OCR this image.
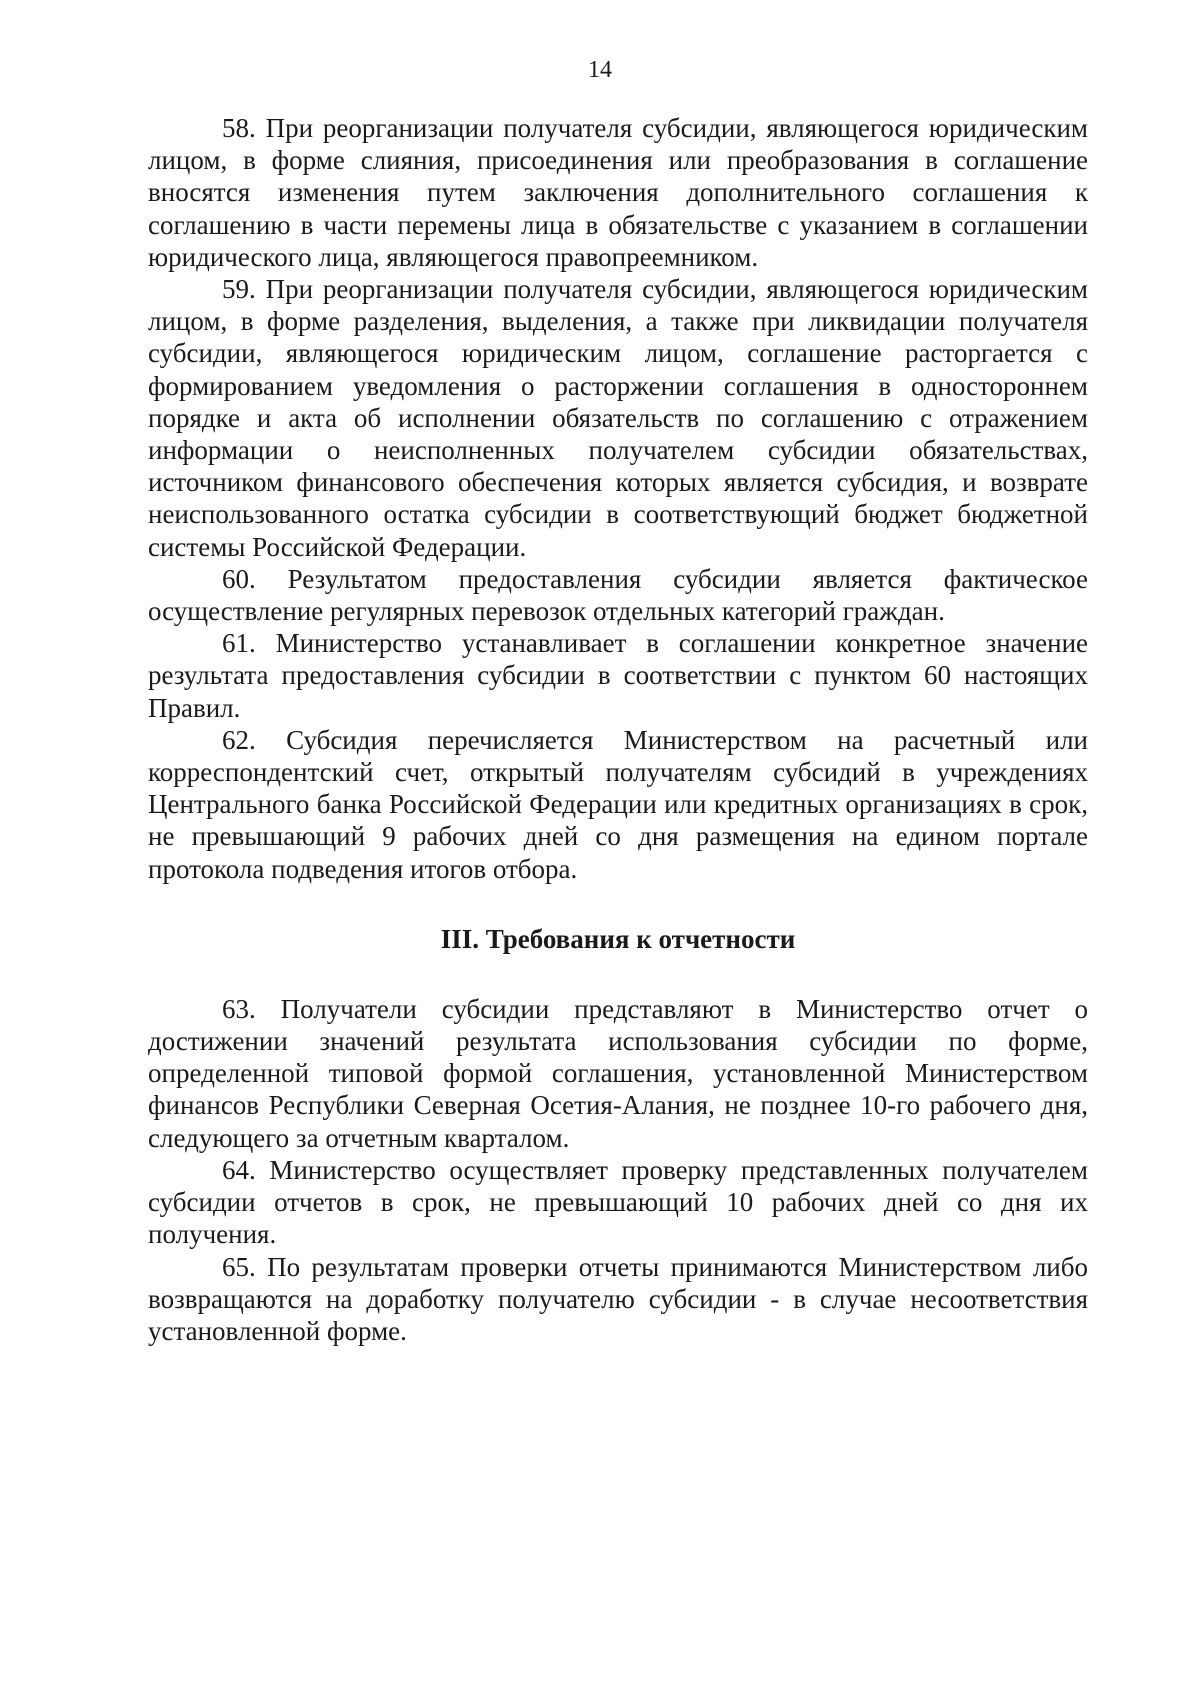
14

58. При реорганизации получателя субсидии, являющегося юридическим лицом, в форме слияния, присоединения или преобразования в соглашение вносятся изменения путем заключения дополнительного соглашения к соглашению в части перемены лица в обязательстве с указанием в соглашении юридического лица, являющегося правопреемником.

59. При реорганизации получателя субсидии, являющегося юридическим лицом, в форме разделения, выделения, а также при ликвидации получателя субсидии, являющегося юридическим лицом, соглашение расторгается с формированием уведомления о расторжении соглашения в одностороннем порядке и акта об исполнении обязательств по соглашению с отражением информации о неисполненных получателем субсидии обязательствах, источником финансового обеспечения которых является субсидия, и возврате неиспользованного остатка субсидии в соответствующий бюджет бюджетной системы Российской Федерации.

60. Результатом предоставления субсидии является фактическое осуществление регулярных перевозок отдельных категорий граждан.

61. Министерство устанавливает в соглашении конкретное значение результата предоставления субсидии в соответствии с пунктом 60 настоящих Правил.

62. Субсидия перечисляется Министерством на расчетный или корреспондентский счет, открытый получателям субсидий в учреждениях Центрального банка Российской Федерации или кредитных организациях в срок, не превышающий 9 рабочих дней со дня размещения на едином портале протокола подведения итогов отбора.

III. Требования к отчетности

63. Получатели субсидии представляют в Министерство отчет о достижении значений результата использования субсидии по форме, определенной типовой формой соглашения, установленной Министерством финансов Республики Северная Осетия-Алания, не позднее 10-го рабочего дня, следующего за отчетным кварталом.

64. Министерство осуществляет проверку представленных получателем субсидии отчетов в срок, не превышающий 10 рабочих дней со дня их получения.

65. По результатам проверки отчеты принимаются Министерством либо возвращаются на доработку получателю субсидии - в случае несоответствия установленной форме.
